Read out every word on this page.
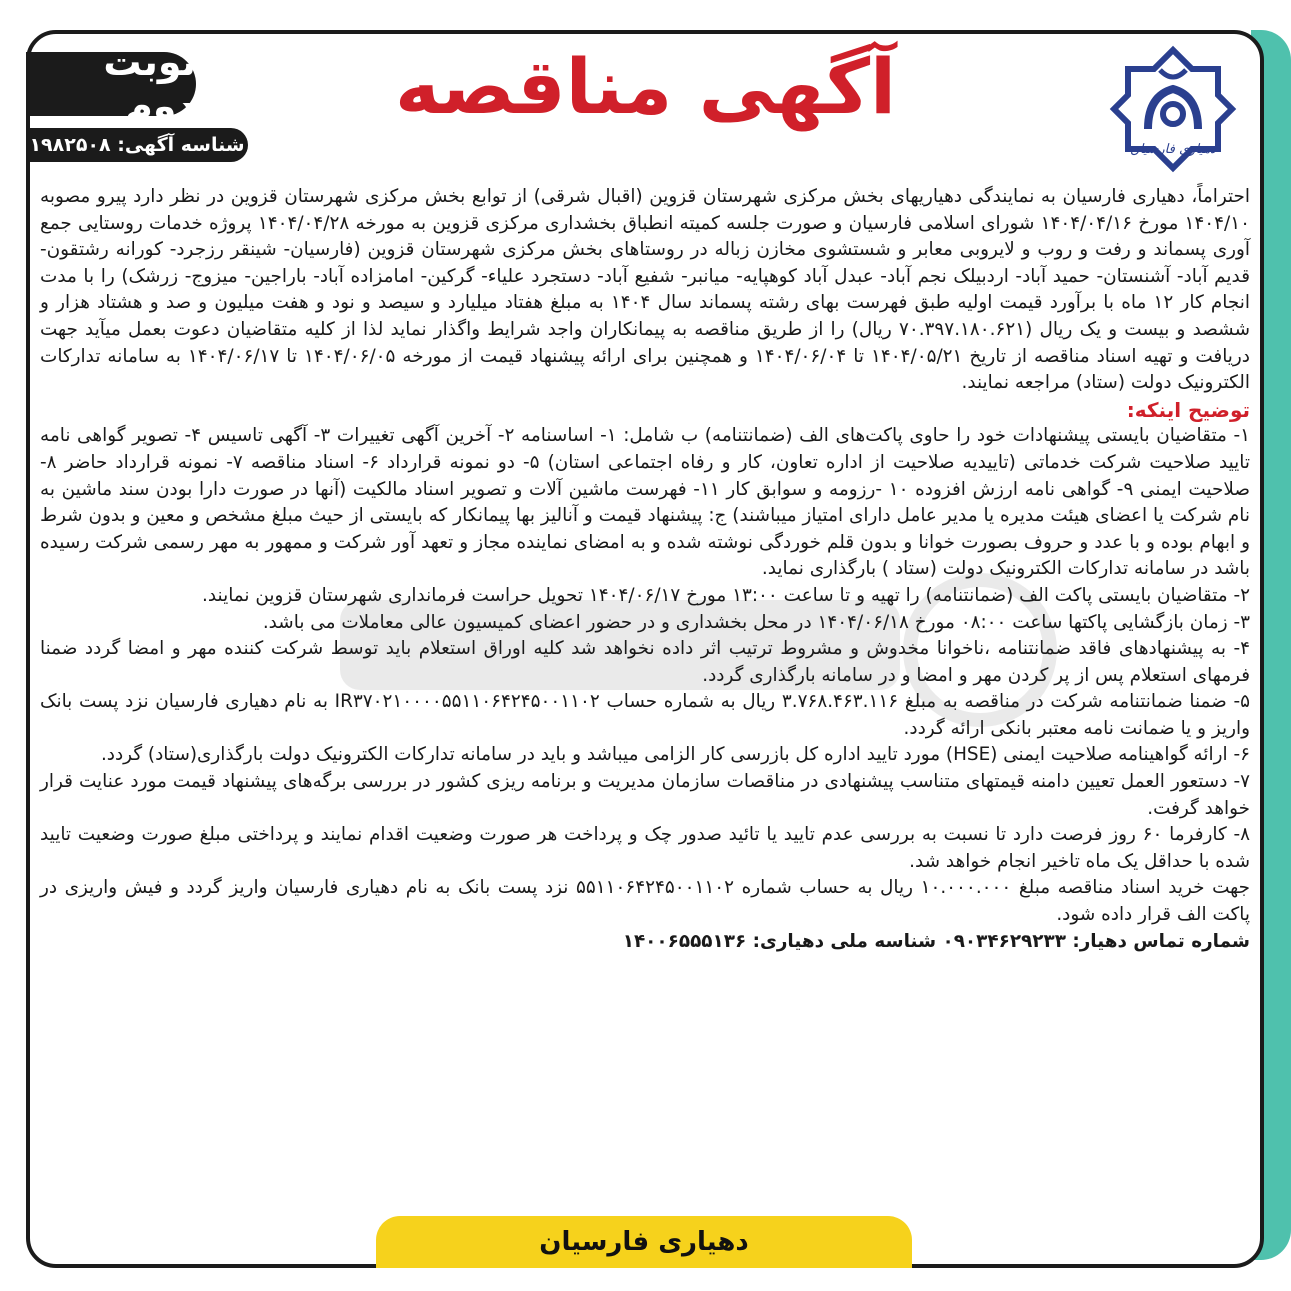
دهیاری فارسیان
آگهی مناقصه
نوبت دوم
شناسه آگهی: ۱۹۸۲۵۰۸

احتراماً، دهیاری فارسیان به نمایندگی دهیاریهای بخش مرکزی شهرستان قزوین (اقبال شرقی) از توابع بخش مرکزی شهرستان قزوین در نظر دارد پیرو مصوبه ۱۴۰۴/۱۰ مورخ ۱۴۰۴/۰۴/۱۶ شورای اسلامی فارسیان و صورت جلسه کمیته انطباق بخشداری مرکزی قزوین به مورخه ۱۴۰۴/۰۴/۲۸ پروژه خدمات روستایی جمع آوری پسماند و رفت و روب و لایروبی معابر و شستشوی مخازن زباله در روستاهای بخش مرکزی شهرستان قزوین (فارسیان- شینقر رزجرد- کورانه رشتقون- قدیم آباد- آشنستان- حمید آباد- اردبیلک نجم آباد- عبدل آباد کوهپایه- میانبر- شفیع آباد- دستجرد علیاء- گرکین- امامزاده آباد- باراجین- میزوج- زرشک) را با مدت انجام کار ۱۲ ماه با برآورد قیمت اولیه طبق فهرست بهای رشته پسماند سال ۱۴۰۴ به مبلغ هفتاد میلیارد و سیصد و نود و هفت میلیون و صد و هشتاد هزار و ششصد و بیست و یک ریال (۷۰.۳۹۷.۱۸۰.۶۲۱ ریال) را از طریق مناقصه به پیمانکاران واجد شرایط واگذار نماید لذا از کلیه متقاضیان دعوت بعمل میآید جهت دریافت و تهیه اسناد مناقصه از تاریخ ۱۴۰۴/۰۵/۲۱ تا ۱۴۰۴/۰۶/۰۴ و همچنین برای ارائه پیشنهاد قیمت از مورخه ۱۴۰۴/۰۶/۰۵ تا ۱۴۰۴/۰۶/۱۷ به سامانه تدارکات الکترونیک دولت (ستاد) مراجعه نمایند.

توضیح اینکه:

۱- متقاضیان بایستی پیشنهادات خود را حاوی پاکت‌های الف (ضمانتنامه) ب شامل: ۱- اساسنامه ۲- آخرین آگهی تغییرات ۳- آگهی تاسیس ۴- تصویر گواهی نامه تایید صلاحیت شرکت خدماتی (تاییدیه صلاحیت از اداره تعاون، کار و رفاه اجتماعی استان) ۵- دو نمونه قرارداد ۶- اسناد مناقصه ۷- نمونه قرارداد حاضر ۸- صلاحیت ایمنی ۹- گواهی نامه ارزش افزوده ۱۰ -رزومه و سوابق کار ۱۱- فهرست ماشین آلات و تصویر اسناد مالکیت (آنها در صورت دارا بودن سند ماشین به نام شرکت یا اعضای هیئت مدیره یا مدیر عامل دارای امتیاز میباشند) ج: پیشنهاد قیمت و آنالیز بها پیمانکار که بایستی از حیث مبلغ مشخص و معین و بدون شرط و ابهام بوده و با عدد و حروف بصورت خوانا و بدون قلم خوردگی نوشته شده و به امضای نماینده مجاز و تعهد آور شرکت و ممهور به مهر رسمی شرکت رسیده باشد در سامانه تدارکات الکترونیک دولت (ستاد ) بارگذاری نماید.

۲- متقاضیان بایستی پاکت الف (ضمانتنامه) را تهیه و تا ساعت ۱۳:۰۰ مورخ ۱۴۰۴/۰۶/۱۷ تحویل حراست فرمانداری شهرستان قزوین نمایند.

۳- زمان بازگشایی پاکتها ساعت ۰۸:۰۰ مورخ ۱۴۰۴/۰۶/۱۸ در محل بخشداری و در حضور اعضای کمیسیون عالی معاملات می باشد.

۴- به پیشنهادهای فاقد ضمانتنامه ،ناخوانا مخدوش و مشروط ترتیب اثر داده نخواهد شد کلیه اوراق استعلام باید توسط شرکت کننده مهر و امضا گردد ضمنا فرمهای استعلام پس از پر کردن مهر و امضا و در سامانه بارگذاری گردد.

۵- ضمنا ضمانتنامه شرکت در مناقصه به مبلغ ۳.۷۶۸.۴۶۳.۱۱۶ ریال به شماره حساب IR۳۷۰۲۱۰۰۰۰۵۵۱۱۰۶۴۲۴۵۰۰۱۱۰۲ به نام دهیاری فارسیان نزد پست بانک واریز و یا ضمانت نامه معتبر بانکی ارائه گردد.

۶- ارائه گواهینامه صلاحیت ایمنی (HSE) مورد تایید اداره کل بازرسی کار الزامی میباشد و باید در سامانه تدارکات الکترونیک دولت بارگذاری(ستاد) گردد.

۷- دستعور العمل تعیین دامنه قیمتهای متناسب پیشنهادی در مناقصات سازمان مدیریت و برنامه ریزی کشور در بررسی برگه‌های پیشنهاد قیمت مورد عنایت قرار خواهد گرفت.

۸- کارفرما ۶۰ روز فرصت دارد تا نسبت به بررسی عدم تایید یا تائید صدور چک و پرداخت هر صورت وضعیت اقدام نمایند و پرداختی مبلغ صورت وضعیت تایید شده با حداقل یک ماه تاخیر انجام خواهد شد.

جهت خرید اسناد مناقصه مبلغ ۱۰.۰۰۰.۰۰۰ ریال به حساب شماره ۵۵۱۱۰۶۴۲۴۵۰۰۱۱۰۲ نزد پست بانک به نام دهیاری فارسیان واریز گردد و فیش واریزی در پاکت الف قرار داده شود.

شماره تماس دهیار: ۰۹۰۳۴۶۲۹۲۳۳ شناسه ملی دهیاری: ۱۴۰۰۶۵۵۵۱۳۶

دهیاری فارسیان
